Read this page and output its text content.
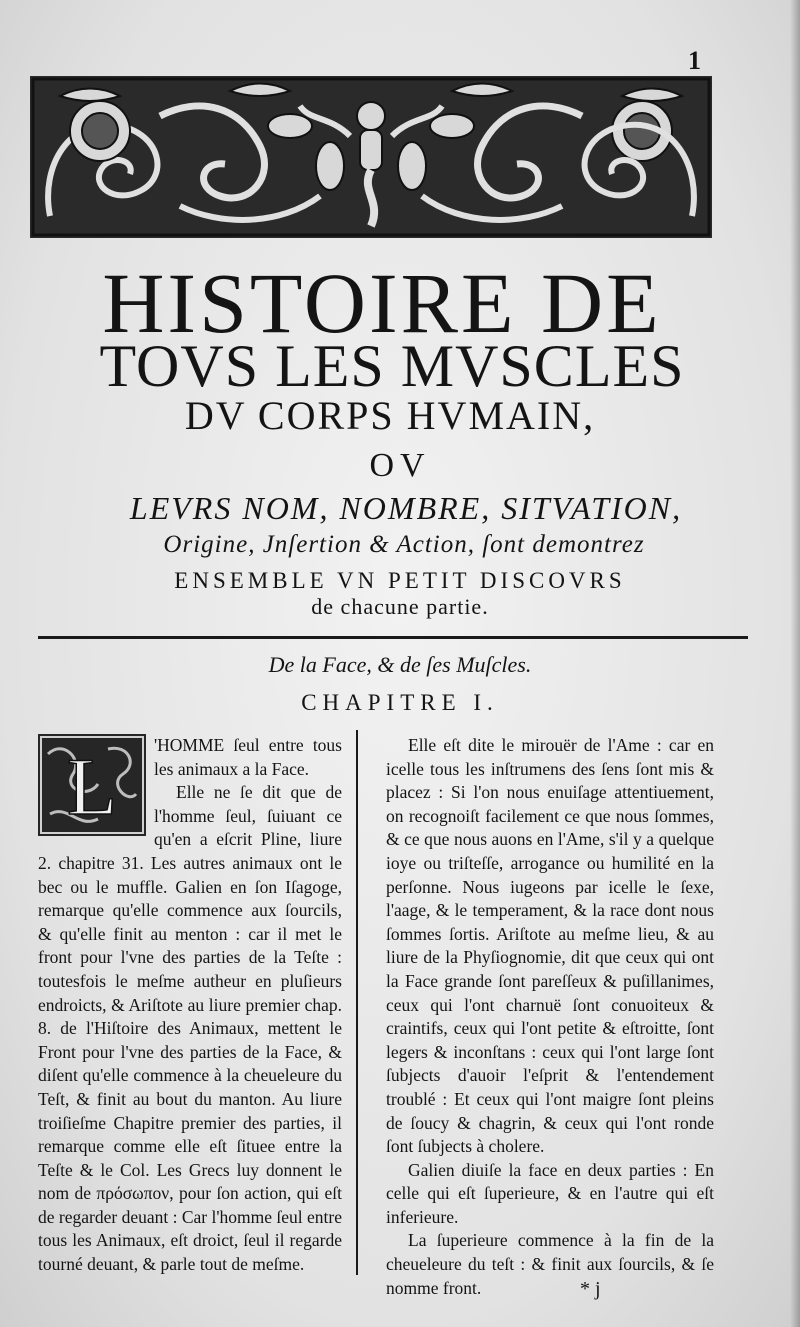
1
HISTOIRE DE
TOVS LES MVSCLES
DV CORPS HVMAIN,
OV
LEVRS NOM, NOMBRE, SITVATION,
Origine, Jnſertion & Action, ſont demontrez
ENSEMBLE VN PETIT DISCOVRS
de chacune partie.
De la Face, & de ſes Muſcles.
CHAPITRE I.
L	'HOMME ſeul entre tous les animaux a la Face.

Elle ne ſe dit que de l'homme ſeul, ſuiuant ce qu'en a eſcrit Pline, liure 2. chapitre 31. Les autres animaux ont le bec ou le muffle. Galien en ſon Iſagoge, remarque qu'elle commence aux ſourcils, & qu'elle finit au menton : car il met le front pour l'vne des parties de la Teſte : toutesfois le meſme autheur en pluſieurs endroicts, & Ariſtote au liure premier chap. 8. de l'Hiſtoire des Animaux, mettent le Front pour l'vne des parties de la Face, & diſent qu'elle commence à la cheueleure du Teſt, & finit au bout du manton. Au liure troiſieſme Chapitre premier des parties, il remarque comme elle eſt ſituee entre la Teſte & le Col. Les Grecs luy donnent le nom de πρόσωπον, pour ſon action, qui eſt de regarder deuant : Car l'homme ſeul entre tous les Animaux, eſt droict, ſeul il regarde tourné deuant, & parle tout de meſme.

Elle eſt dite le mirouër de l'Ame : car en icelle tous les inſtrumens des ſens ſont mis & placez : Si l'on nous enuiſage attentiuement, on recognoiſt facilement ce que nous ſommes, & ce que nous auons en l'Ame, s'il y a quelque ioye ou triſteſſe, arrogance ou humilité en la perſonne. Nous iugeons par icelle le ſexe, l'aage, & le temperament, & la race dont nous ſommes ſortis. Ariſtote au meſme lieu, & au liure de la Phyſiognomie, dit que ceux qui ont la Face grande ſont pareſſeux & puſillanimes, ceux qui l'ont charnuë ſont conuoiteux & craintifs, ceux qui l'ont petite & eſtroitte, ſont legers & inconſtans : ceux qui l'ont large ſont ſubjects d'auoir l'eſprit & l'entendement troublé : Et ceux qui l'ont maigre ſont pleins de ſoucy & chagrin, & ceux qui l'ont ronde ſont ſubjects à cholere.

Galien diuiſe la face en deux parties : En celle qui eſt ſuperieure, & en l'autre qui eſt inferieure.

La ſuperieure commence à la fin de la cheueleure du teſt : & finit aux ſourcils, & ſe nomme front.	* j
